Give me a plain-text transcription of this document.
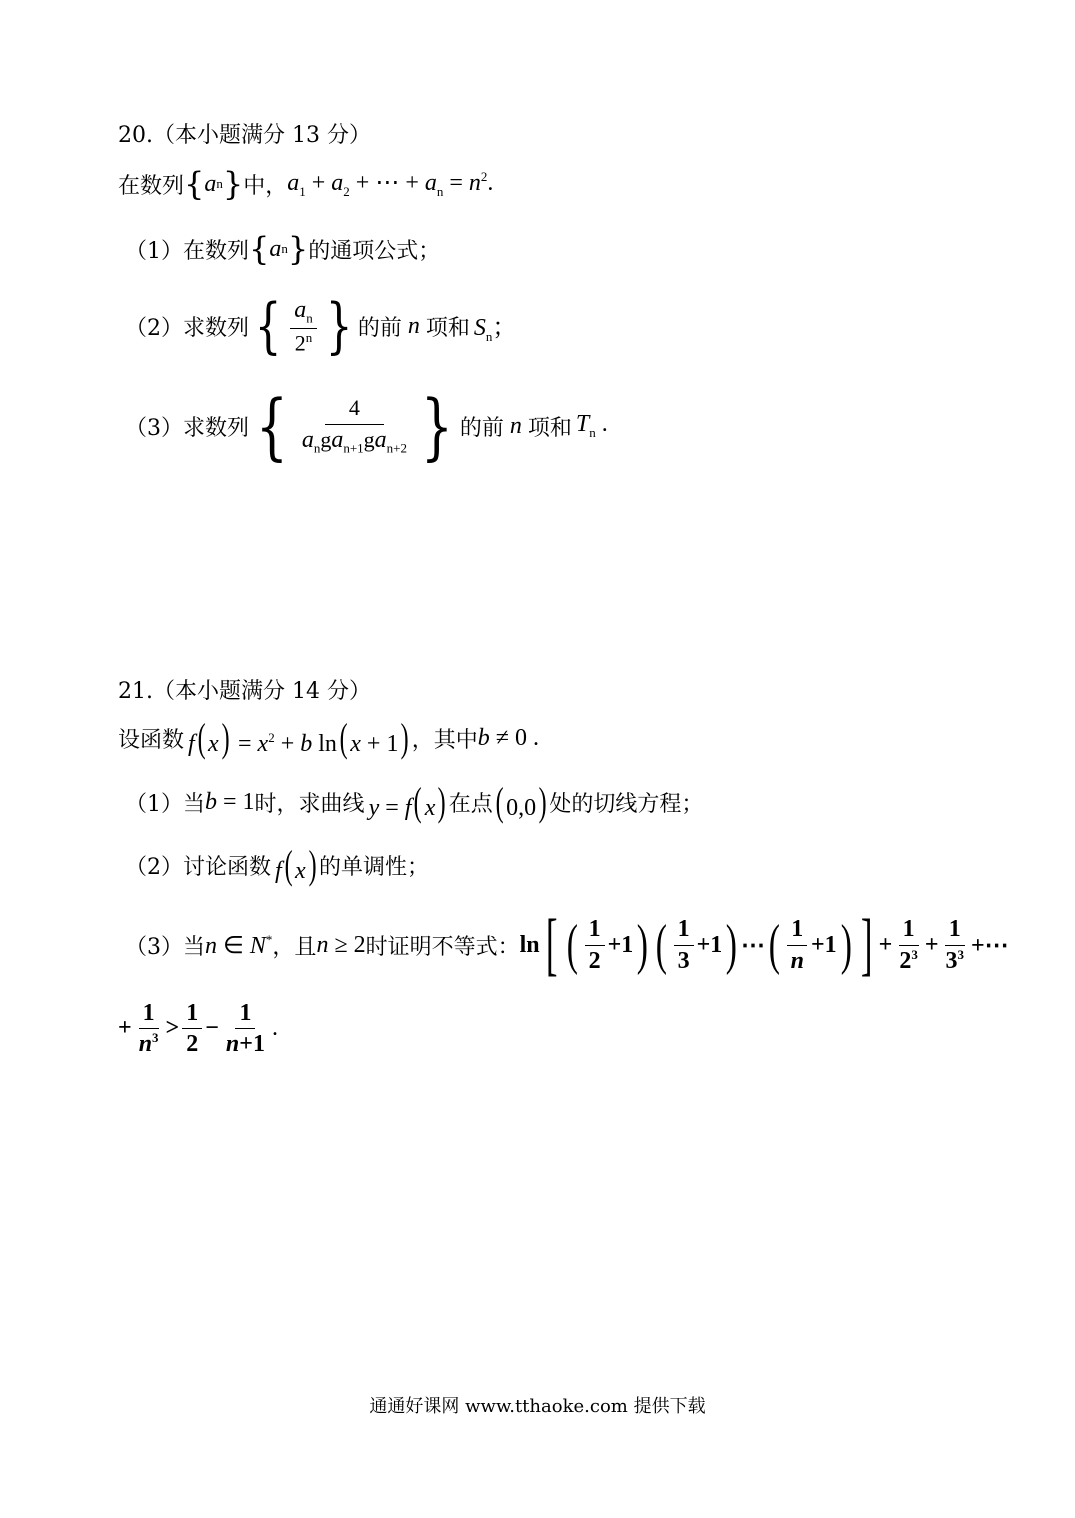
20.（本小题满分 13 分）
在数列 { a n } 中， $a_1 + a_2$ + ⋯ + $a_n = n^2$.
（1）在数列 { a n } 的通项公式；
（2）求数列 { $\frac{a_n}{2^n}$ } 的前 n 项和 $S_n$；
（3）求数列 { $\frac{4}{a_nga_{n+1}ga_{n+2}}$ } 的前 n 项和 $T_n$ .
21.（本小题满分 14 分）
设函数 f( $x) = x^2 + b$ ln( x + 1) ，其中 b ≠ 0 .
（1）当 b = 1 时，求曲线 y = f( x) 在点 ( 0,0) 处的切线方程；
（2）讨论函数 f( x) 的单调性；
（3）当 n ∈ N* ，且 n ≥ 2 时证明不等式： ln [ ( $\frac{1}{2} +1$ ) ( $\frac{1}{3} +1$ ) ⋯ ( $\frac{1}{n} +1$ ) ] + $\frac{1}{2^3} + \frac{1}{3^3}$ +⋯
+ $\frac{1}{n^3} > \frac{1}{2} - \frac{1}{n+1}$ .
通通好课网 www.tthaoke.com 提供下载
